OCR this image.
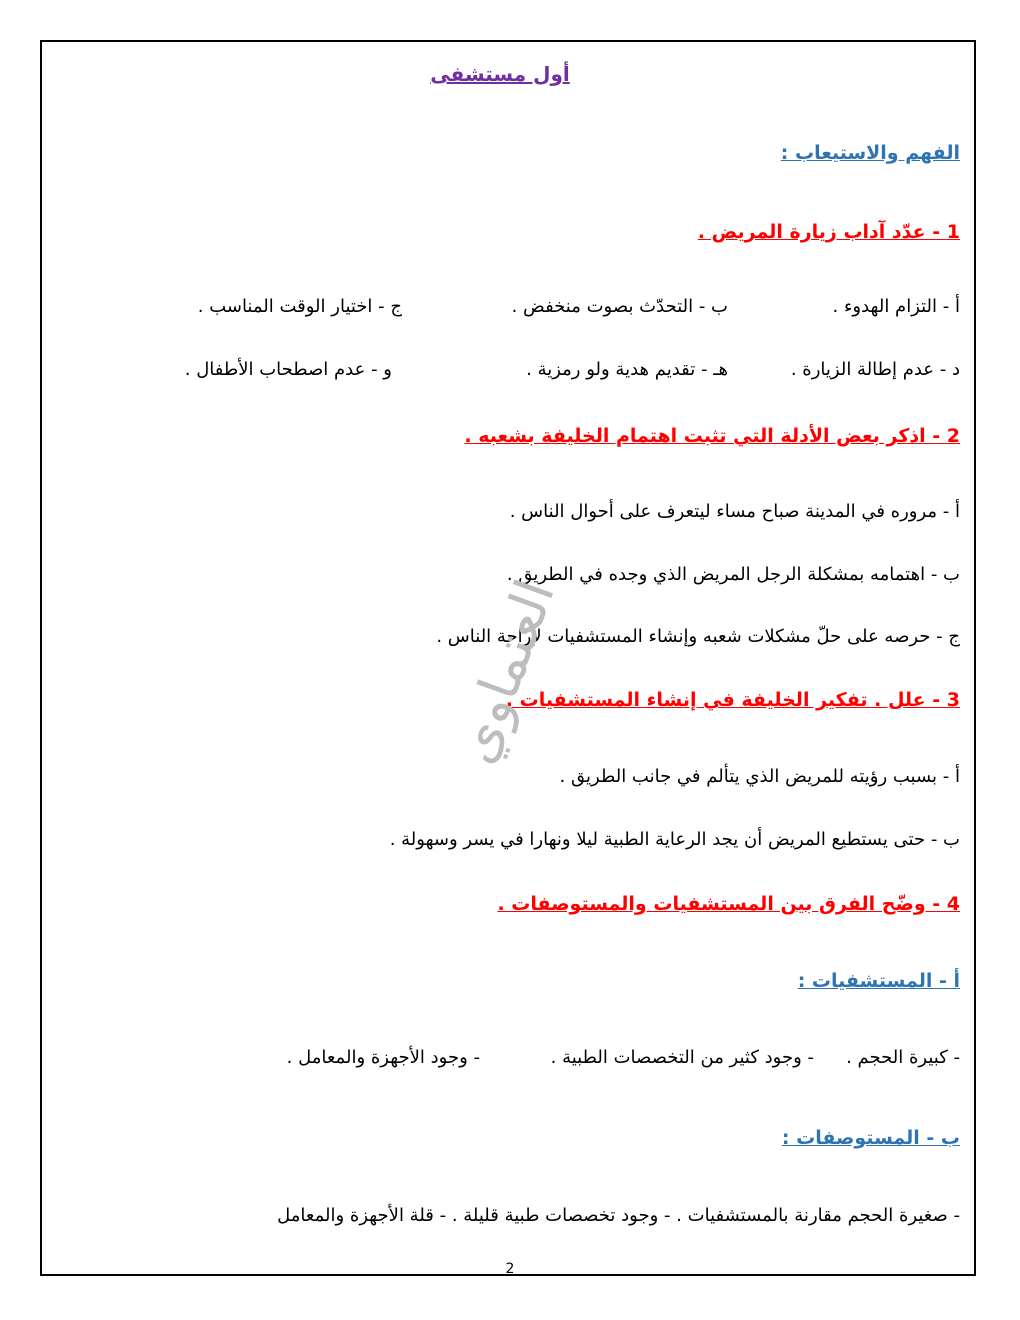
أول مستشفى
الفهم والاستيعاب :
1 - عدّد آداب زيارة المريض .
أ - التزام الهدوء .
ب - التحدّث بصوت منخفض .
ج - اختيار الوقت المناسب .
د - عدم إطالة الزيارة .
هـ - تقديم هدية ولو رمزية .
و - عدم اصطحاب الأطفال .
2 - اذكر بعض الأدلة التي تثبت اهتمام الخليفة بشعبه .
أ - مروره في المدينة صباح مساء ليتعرف على أحوال الناس .
ب - اهتمامه بمشكلة الرجل المريض الذي وجده في الطريق .
ج - حرصه على حلّ مشكلات شعبه وإنشاء المستشفيات لإراحة الناس .
3 - علل . تفكير الخليفة في إنشاء المستشفيات .
أ - بسبب رؤيته للمريض الذي يتألم في جانب الطريق .
ب - حتى يستطيع المريض أن يجد الرعاية الطبية ليلا ونهارا في يسر وسهولة .
4 - وضّح الفرق بين المستشفيات والمستوصفات .
أ - المستشفيات :
- كبيرة الحجم .
- وجود كثير من التخصصات الطبية .
- وجود الأجهزة والمعامل .
ب - المستوصفات :
- صغيرة الحجم مقارنة بالمستشفيات . - وجود تخصصات طبية قليلة . - قلة الأجهزة والمعامل
العتماوي
2
